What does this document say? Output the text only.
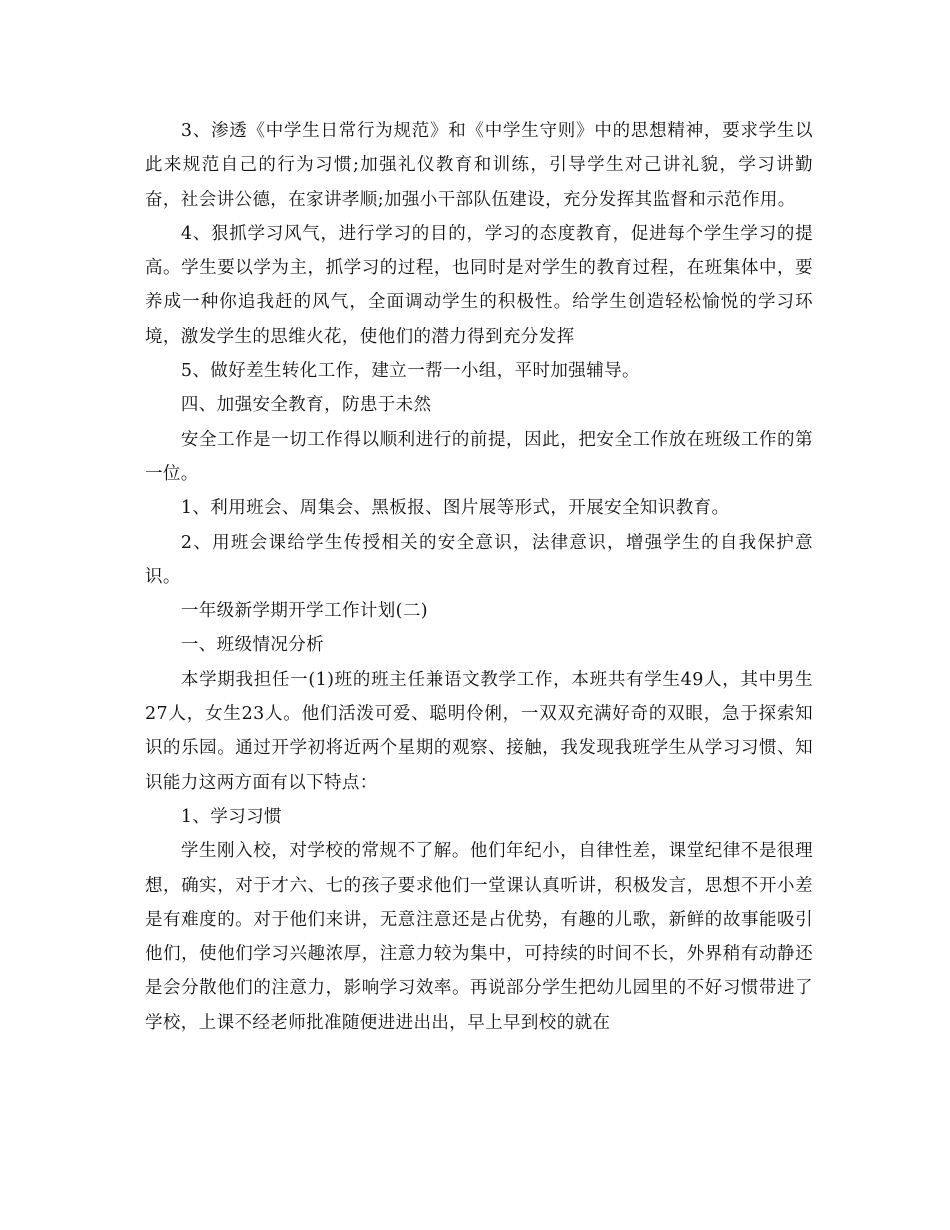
3、渗透《中学生日常行为规范》和《中学生守则》中的思想精神，要求学生以此来规范自己的行为习惯;加强礼仪教育和训练，引导学生对己讲礼貌，学习讲勤奋，社会讲公德，在家讲孝顺;加强小干部队伍建设，充分发挥其监督和示范作用。

4、狠抓学习风气，进行学习的目的，学习的态度教育，促进每个学生学习的提高。学生要以学为主，抓学习的过程，也同时是对学生的教育过程，在班集体中，要养成一种你追我赶的风气，全面调动学生的积极性。给学生创造轻松愉悦的学习环境，激发学生的思维火花，使他们的潜力得到充分发挥

5、做好差生转化工作，建立一帮一小组，平时加强辅导。

四、加强安全教育，防患于未然

安全工作是一切工作得以顺利进行的前提，因此，把安全工作放在班级工作的第一位。

1、利用班会、周集会、黑板报、图片展等形式，开展安全知识教育。

2、用班会课给学生传授相关的安全意识，法律意识，增强学生的自我保护意识。

一年级新学期开学工作计划(二)

一、班级情况分析

本学期我担任一(1)班的班主任兼语文教学工作，本班共有学生49人，其中男生27人，女生23人。他们活泼可爱、聪明伶俐，一双双充满好奇的双眼，急于探索知识的乐园。通过开学初将近两个星期的观察、接触，我发现我班学生从学习习惯、知识能力这两方面有以下特点：

1、学习习惯

学生刚入校，对学校的常规不了解。他们年纪小，自律性差，课堂纪律不是很理想，确实，对于才六、七的孩子要求他们一堂课认真听讲，积极发言，思想不开小差是有难度的。对于他们来讲，无意注意还是占优势，有趣的儿歌，新鲜的故事能吸引他们，使他们学习兴趣浓厚，注意力较为集中，可持续的时间不长，外界稍有动静还是会分散他们的注意力，影响学习效率。再说部分学生把幼儿园里的不好习惯带进了学校，上课不经老师批准随便进进出出，早上早到校的就在
